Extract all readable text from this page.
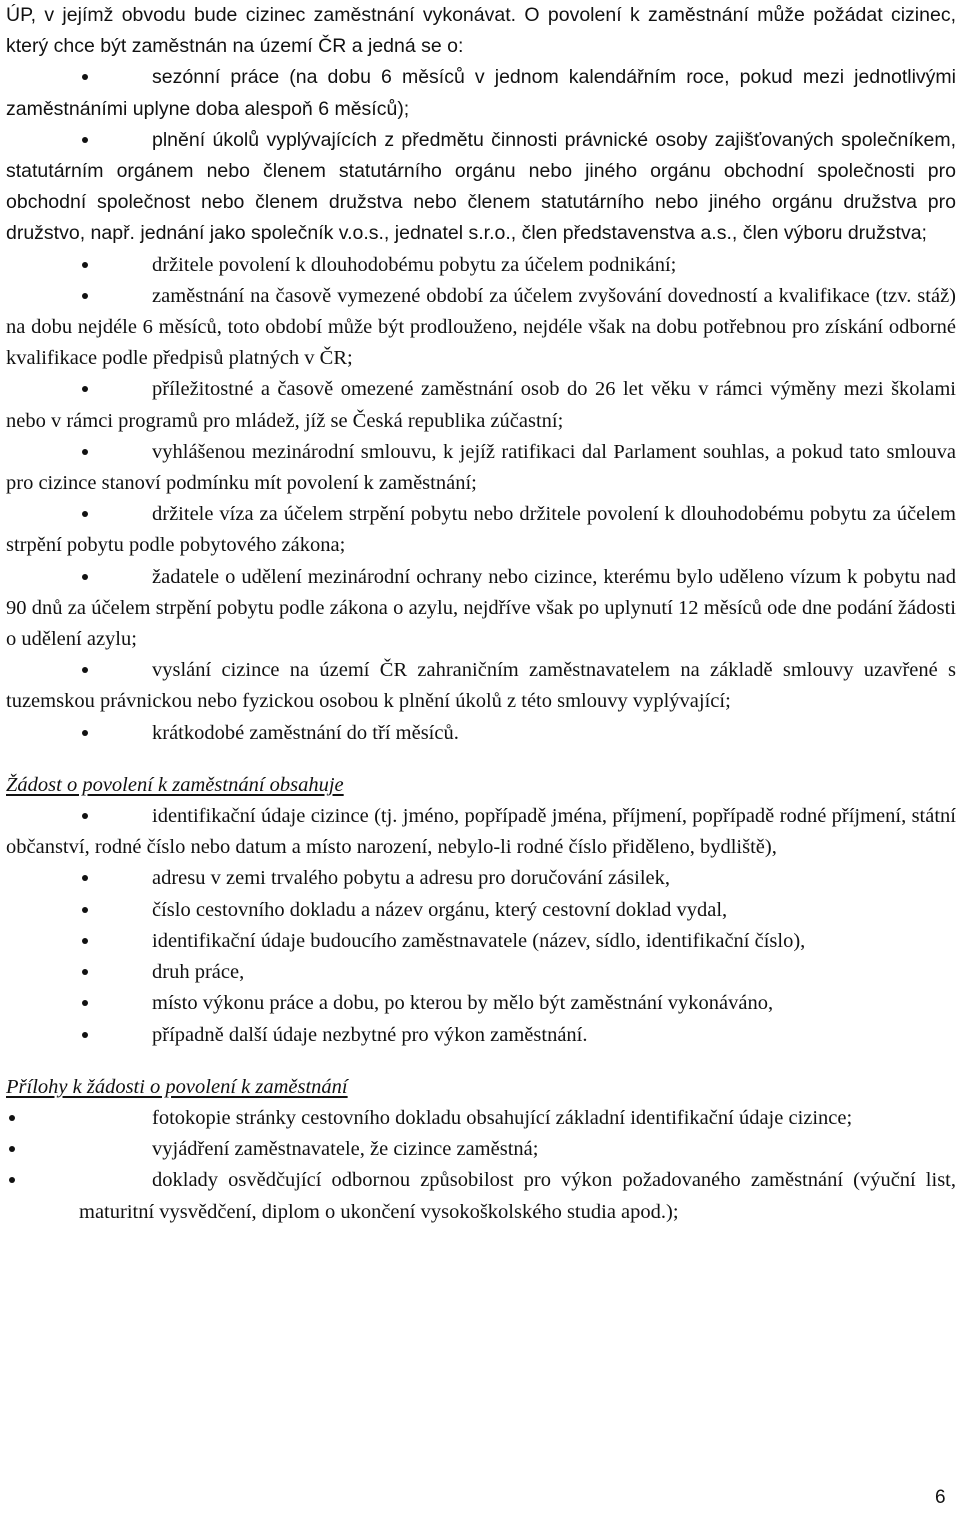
ÚP, v jejímž obvodu bude cizinec zaměstnání vykonávat. O povolení k zaměstnání může požádat cizinec, který chce být zaměstnán na území ČR a jedná se o:
sezónní práce (na dobu 6 měsíců v jednom kalendářním roce, pokud mezi jednotlivými zaměstnáními uplyne doba alespoň 6 měsíců);
plnění úkolů vyplývajících z předmětu činnosti právnické osoby zajišťovaných společníkem, statutárním orgánem nebo členem statutárního orgánu nebo jiného orgánu obchodní společnosti pro obchodní společnost nebo členem družstva nebo členem statutárního nebo jiného orgánu družstva pro družstvo, např. jednání jako společník v.o.s., jednatel s.r.o., člen představenstva a.s., člen výboru družstva;
držitele povolení k dlouhodobému pobytu za účelem podnikání;
zaměstnání na časově vymezené období za účelem zvyšování dovedností a kvalifikace (tzv. stáž) na dobu nejdéle 6 měsíců, toto období může být prodlouženo, nejdéle však na dobu potřebnou pro získání odborné kvalifikace podle předpisů platných v ČR;
příležitostné a časově omezené zaměstnání osob do 26 let věku v rámci výměny mezi školami nebo v rámci programů pro mládež, jíž se Česká republika zúčastní;
vyhlášenou mezinárodní smlouvu, k jejíž ratifikaci dal Parlament souhlas, a pokud tato smlouva pro cizince stanoví podmínku mít povolení k zaměstnání;
držitele víza za účelem strpění pobytu nebo držitele povolení k dlouhodobému pobytu za účelem strpění pobytu podle pobytového zákona;
žadatele o udělení mezinárodní ochrany nebo cizince, kterému bylo uděleno vízum k pobytu nad 90 dnů za účelem strpění pobytu podle zákona o azylu, nejdříve však po uplynutí 12 měsíců ode dne podání žádosti o udělení azylu;
vyslání cizince na území ČR zahraničním zaměstnavatelem na základě smlouvy uzavřené s tuzemskou právnickou nebo fyzickou osobou k plnění úkolů z této smlouvy vyplývající;
krátkodobé zaměstnání do tří měsíců.
Žádost o povolení k zaměstnání obsahuje
identifikační údaje cizince (tj. jméno, popřípadě jména, příjmení, popřípadě rodné příjmení, státní občanství, rodné číslo nebo datum a místo narození, nebylo-li rodné číslo přiděleno, bydliště),
adresu v zemi trvalého pobytu a adresu pro doručování zásilek,
číslo cestovního dokladu a název orgánu, který cestovní doklad vydal,
identifikační údaje budoucího zaměstnavatele (název, sídlo, identifikační číslo),
druh práce,
místo výkonu práce a dobu, po kterou by mělo být zaměstnání vykonáváno,
případně další údaje nezbytné pro výkon zaměstnání.
Přílohy k žádosti o povolení k zaměstnání
fotokopie stránky cestovního dokladu obsahující základní identifikační údaje cizince;
vyjádření zaměstnavatele, že cizince zaměstná;
doklady osvědčující odbornou způsobilost pro výkon požadovaného zaměstnání (výuční list, maturitní vysvědčení, diplom o ukončení vysokoškolského studia apod.);
6
